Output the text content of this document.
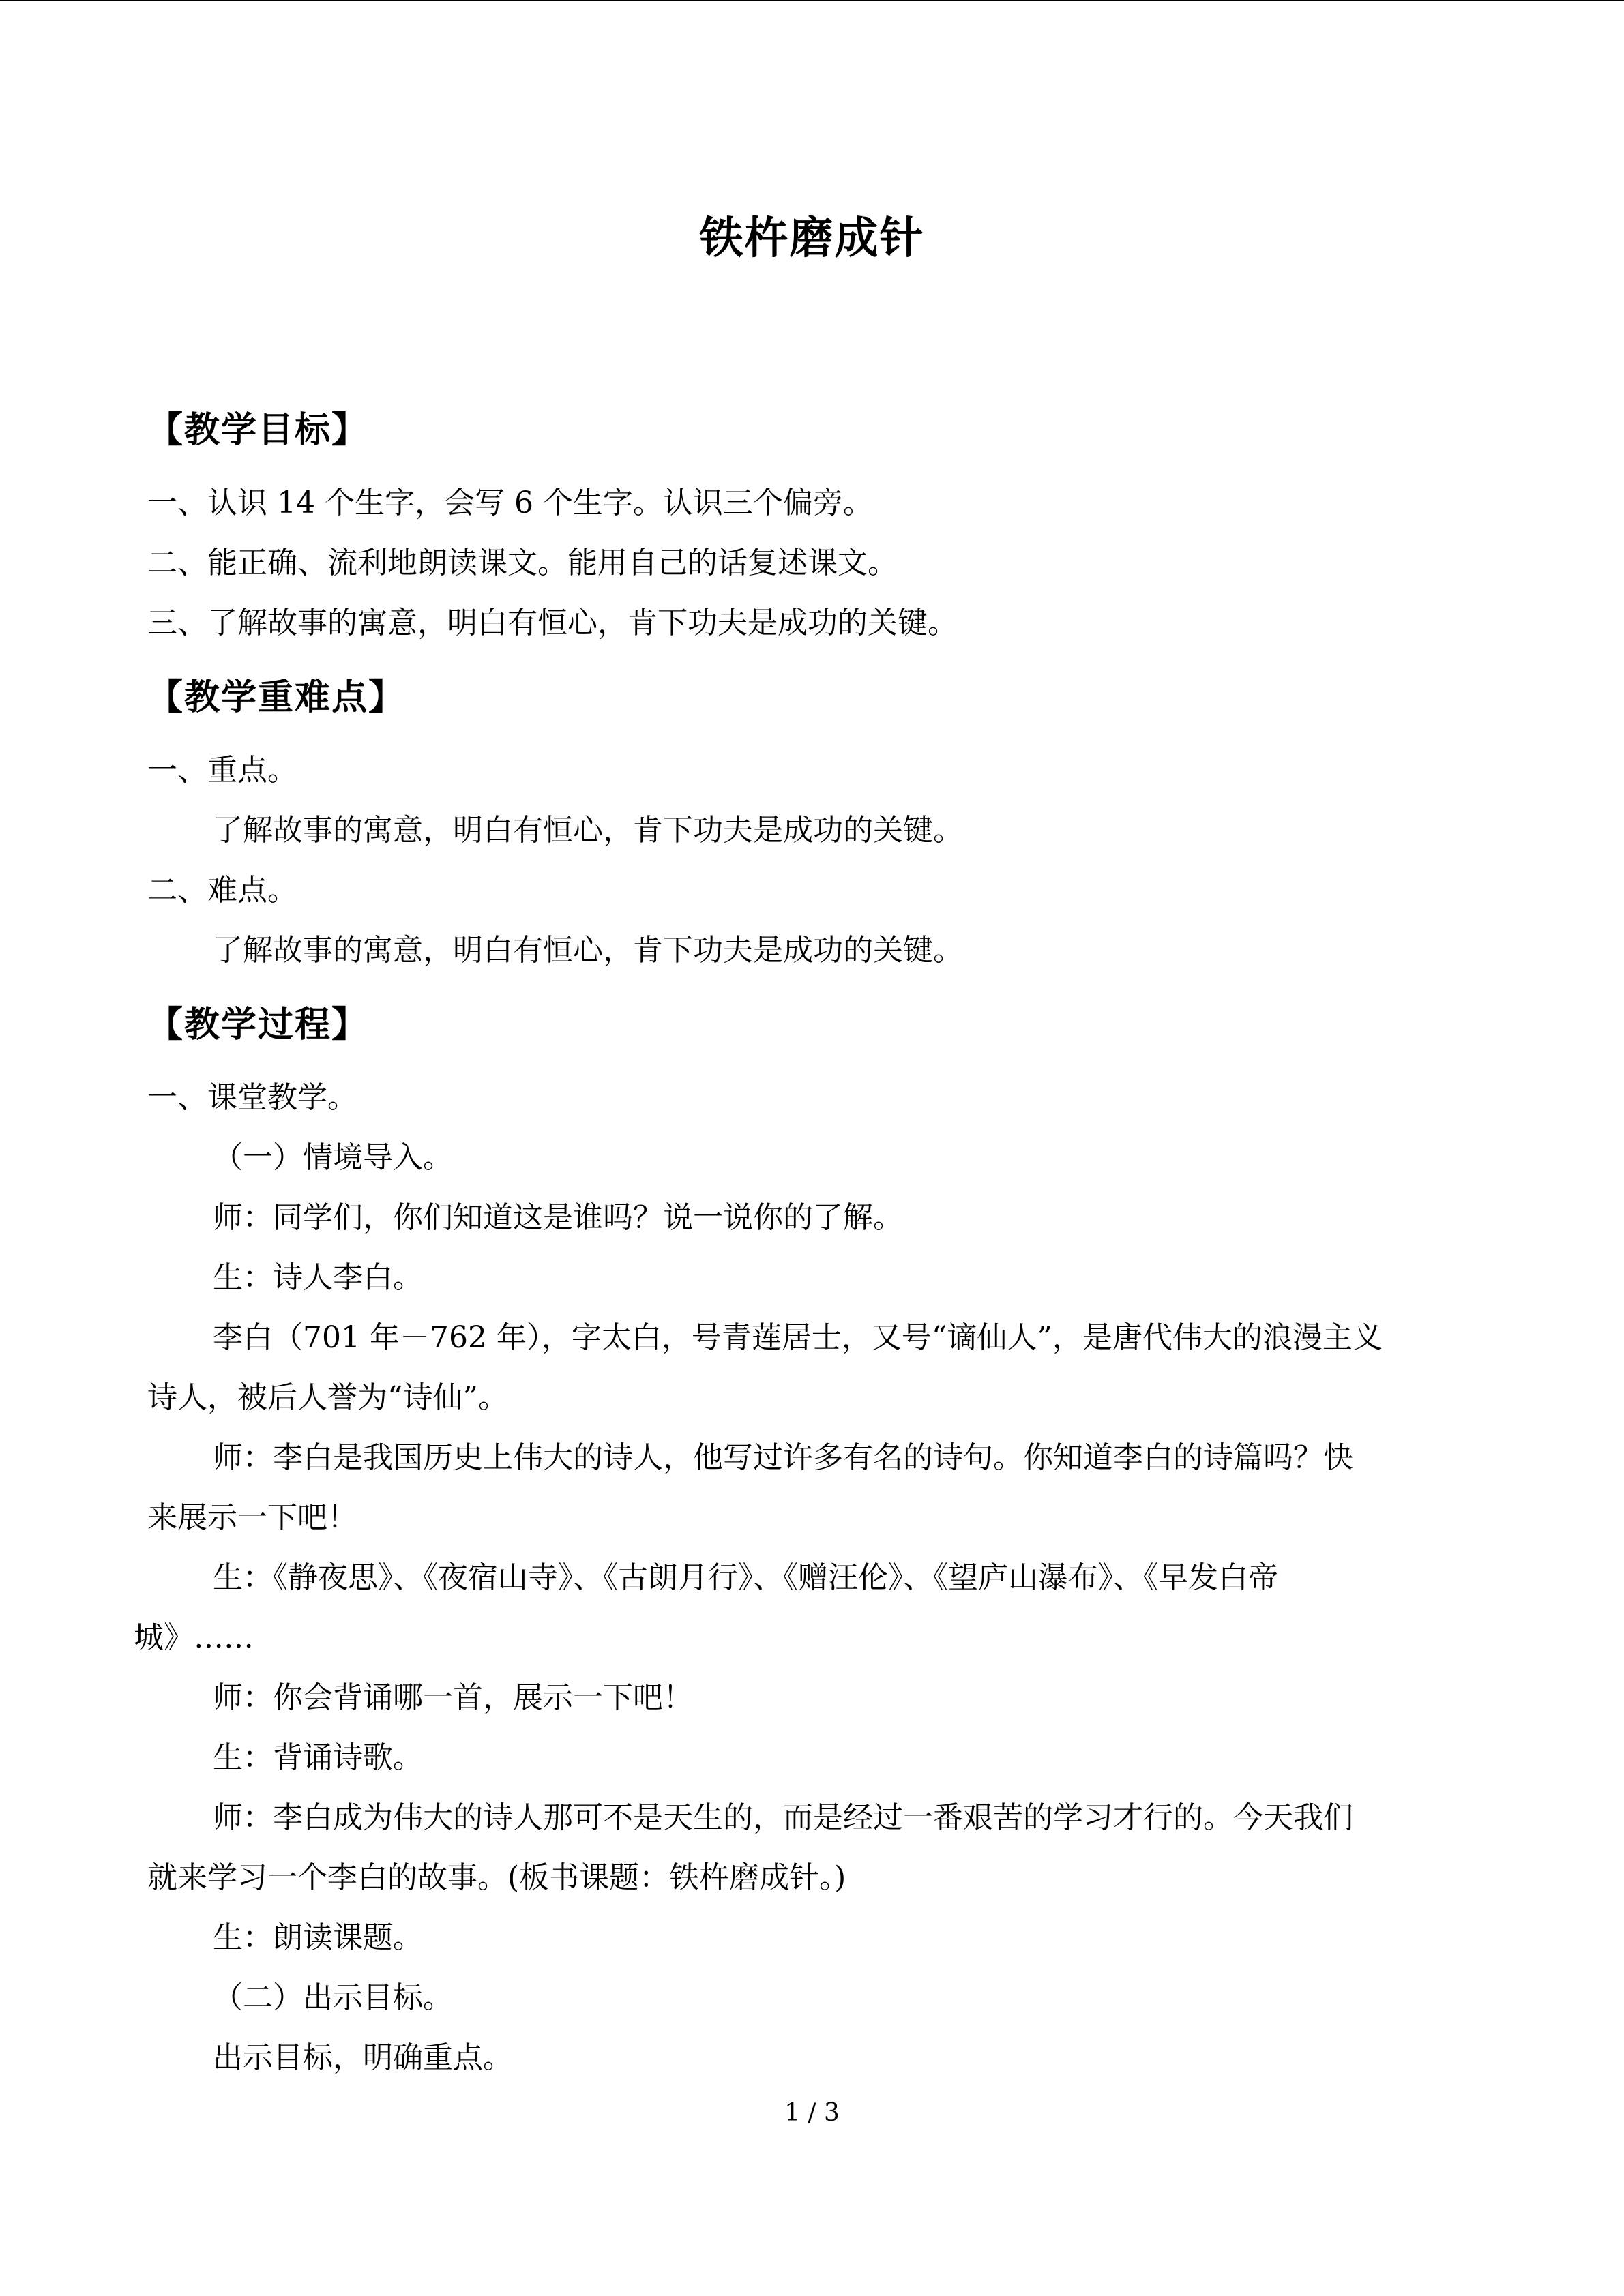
铁杵磨成针
【教学目标】
一、认识 14 个生字，会写 6 个生字。认识三个偏旁。
二、能正确、流利地朗读课文。能用自己的话复述课文。
三、了解故事的寓意，明白有恒心，肯下功夫是成功的关键。
【教学重难点】
一、重点。
了解故事的寓意，明白有恒心，肯下功夫是成功的关键。
二、难点。
了解故事的寓意，明白有恒心，肯下功夫是成功的关键。
【教学过程】
一、课堂教学。
（一）情境导入。
师：同学们，你们知道这是谁吗？说一说你的了解。
生：诗人李白。
李白（701 年－762 年），字太白，号青莲居士，又号“谪仙人”，是唐代伟大的浪漫主义
诗人，被后人誉为“诗仙”。
师：李白是我国历史上伟大的诗人，他写过许多有名的诗句。你知道李白的诗篇吗？快
来展示一下吧！
生：《静夜思》、《夜宿山寺》、《古朗月行》、《赠汪伦》、《望庐山瀑布》、《早发白帝
城》……
师：你会背诵哪一首，展示一下吧！
生：背诵诗歌。
师：李白成为伟大的诗人那可不是天生的，而是经过一番艰苦的学习才行的。今天我们
就来学习一个李白的故事。(板书课题：铁杵磨成针。)
生：朗读课题。
（二）出示目标。
出示目标，明确重点。
1 / 3
